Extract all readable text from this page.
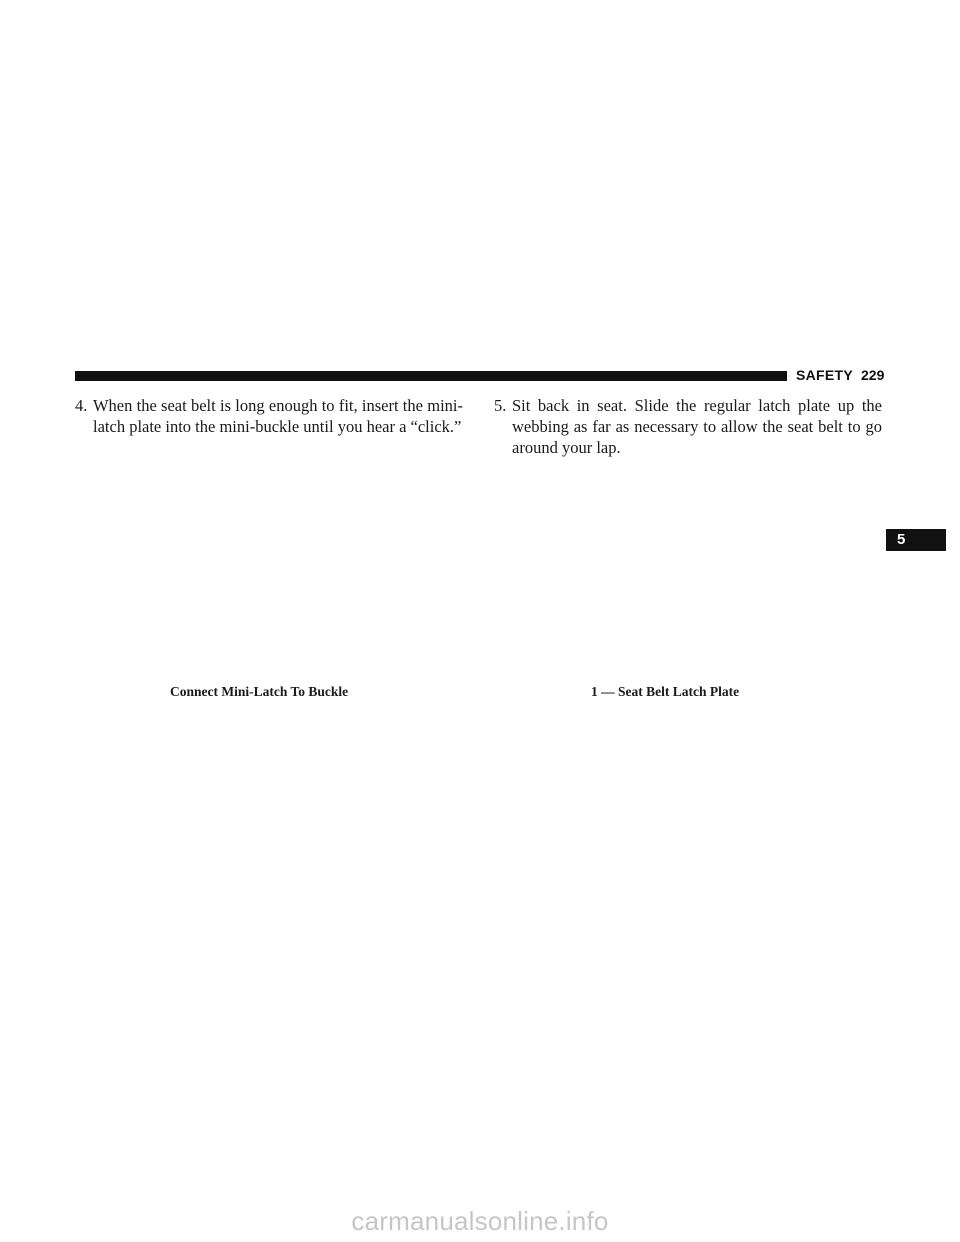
SAFETY 229
4. When the seat belt is long enough to fit, insert the mini-latch plate into the mini-buckle until you hear a “click.”
5. Sit back in seat. Slide the regular latch plate up the webbing as far as necessary to allow the seat belt to go around your lap.
Connect Mini-Latch To Buckle	1 — Seat Belt Latch Plate
5
carmanualsonline.info
